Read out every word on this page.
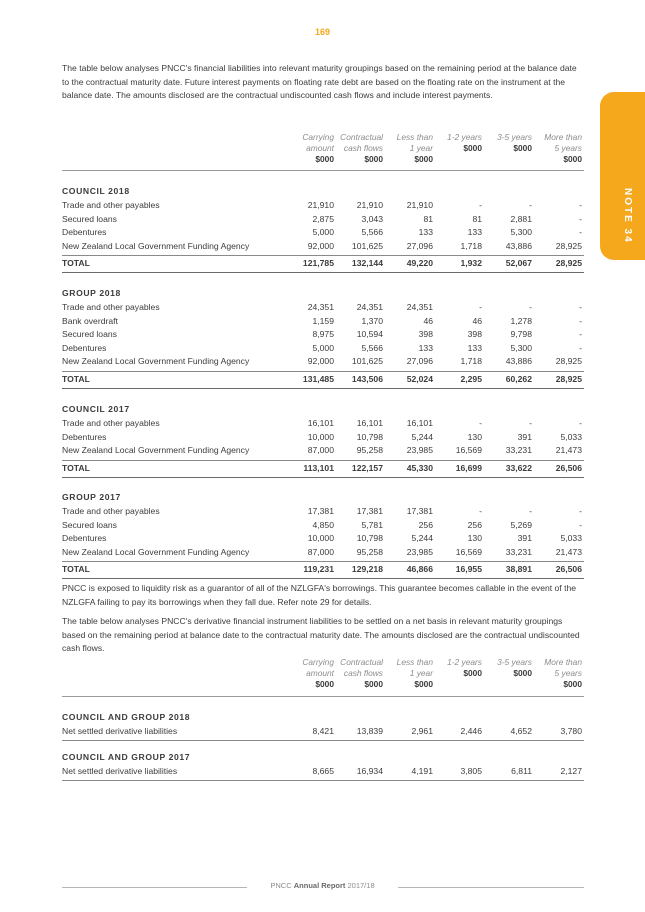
169
NOTE 34

The table below analyses PNCC's financial liabilities into relevant maturity groupings based on the remaining period at the balance date to the contractual maturity date. Future interest payments on floating rate debt are based on the floating rate on the instrument at the balance date. The amounts disclosed are the contractual undiscounted cash flows and include interest payments.

PNCC is exposed to liquidity risk as a guarantor of all of the NZLGFA's borrowings. This guarantee becomes callable in the event of the NZLGFA failing to pay its borrowings when they fall due. Refer note 29 for details.

The table below analyses PNCC's derivative financial instrument liabilities to be settled on a net basis in relevant maturity groupings based on the remaining period at balance date to the contractual maturity date. The amounts disclosed are the contractual undiscounted cash flows.

PNCC Annual Report 2017/18
Carrying
amount
$000
Contractual
cash flows
$000
Less than
1 year
$000
1-2 years

$000
3-5 years

$000
More than
5 years
$000
COUNCIL 2018
Trade and other payables	21,910	21,910	21,910	-	-	-
Secured loans	2,875	3,043	81	81	2,881	-
Debentures	5,000	5,566	133	133	5,300	-
New Zealand Local Government Funding Agency	92,000	101,625	27,096	1,718	43,886	28,925
TOTAL	121,785	132,144	49,220	1,932	52,067	28,925
GROUP 2018
Trade and other payables	24,351	24,351	24,351	-	-	-
Bank overdraft	1,159	1,370	46	46	1,278	-
Secured loans	8,975	10,594	398	398	9,798	-
Debentures	5,000	5,566	133	133	5,300	-
New Zealand Local Government Funding Agency	92,000	101,625	27,096	1,718	43,886	28,925
TOTAL	131,485	143,506	52,024	2,295	60,262	28,925
COUNCIL 2017
Trade and other payables	16,101	16,101	16,101	-	-	-
Debentures	10,000	10,798	5,244	130	391	5,033
New Zealand Local Government Funding Agency	87,000	95,258	23,985	16,569	33,231	21,473
TOTAL	113,101	122,157	45,330	16,699	33,622	26,506
GROUP 2017
Trade and other payables	17,381	17,381	17,381	-	-	-
Secured loans	4,850	5,781	256	256	5,269	-
Debentures	10,000	10,798	5,244	130	391	5,033
New Zealand Local Government Funding Agency	87,000	95,258	23,985	16,569	33,231	21,473
TOTAL	119,231	129,218	46,866	16,955	38,891	26,506
Carrying
amount
$000
Contractual
cash flows
$000
Less than
1 year
$000
1-2 years

$000
3-5 years

$000
More than
5 years
$000
COUNCIL AND GROUP 2018
Net settled derivative liabilities	8,421	13,839	2,961	2,446	4,652	3,780
COUNCIL AND GROUP 2017
Net settled derivative liabilities	8,665	16,934	4,191	3,805	6,811	2,127
